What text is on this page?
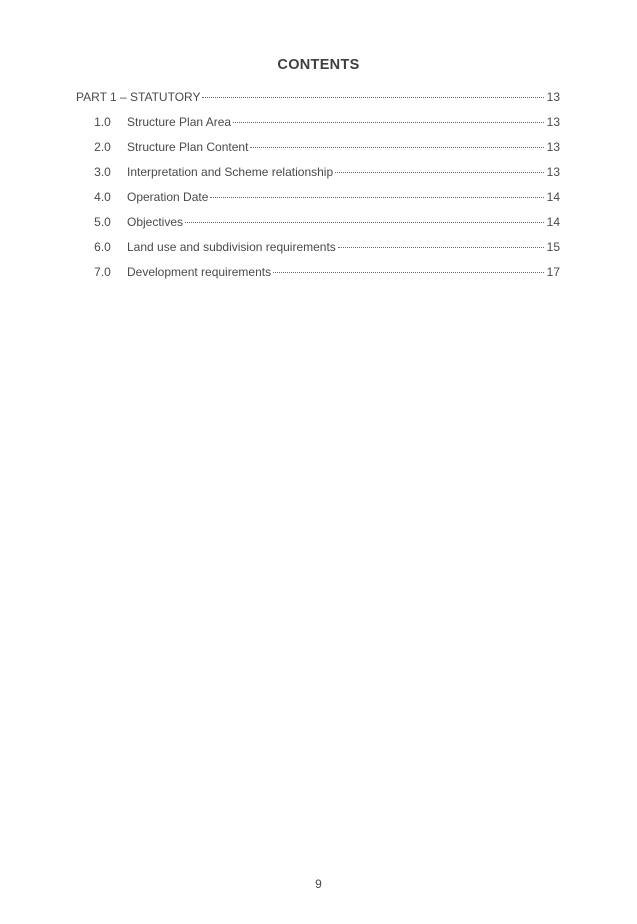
CONTENTS
PART 1 – STATUTORY	13
1.0	Structure Plan Area	13
2.0	Structure Plan Content	13
3.0	Interpretation and Scheme relationship	13
4.0	Operation Date	14
5.0	Objectives	14
6.0	Land use and subdivision requirements	15
7.0	Development requirements	17
9
